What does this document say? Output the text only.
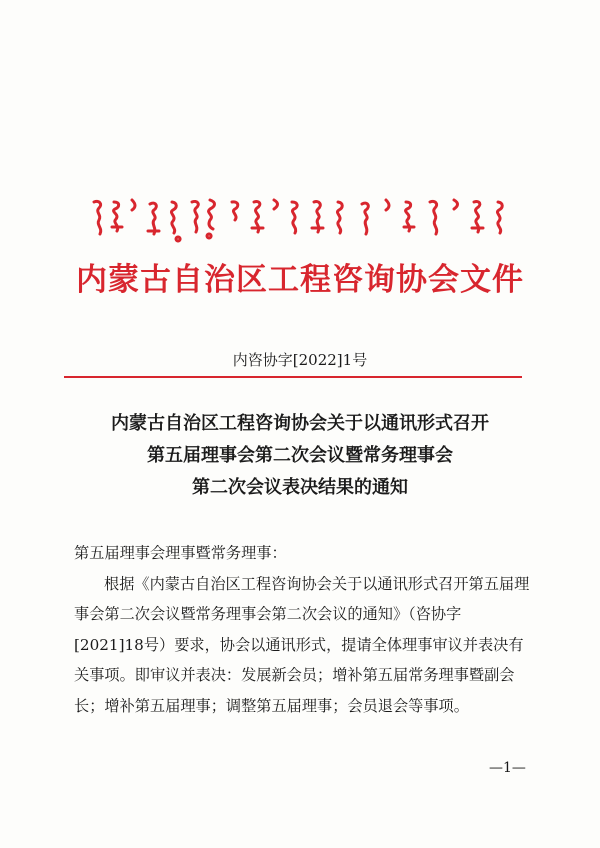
ᠥᠪᠦᠷ ᠮᠣᠩᠭᠣᠯ ᠤᠨ ᠥᠪᠡᠷᠲᠡᠭᠡᠨ ᠵᠠᠰᠠᠬᠤ ᠣᠷᠣᠨ ᠤ ᠢᠨᠵᠧᠨᠧᠷᠢᠩ ᠤᠨ ᠵᠥᠪᠯᠡᠭᠡᠨ ᠦ ᠨᠡᠢᠭᠡᠮᠯᠡᠯ ᠤᠨ ᠪᠢᠴᠢᠭ
内蒙古自治区工程咨询协会文件
内咨协字[2022]1号
内蒙古自治区工程咨询协会关于以通讯形式召开
第五届理事会第二次会议暨常务理事会
第二次会议表决结果的通知

第五届理事会理事暨常务理事：

根据《内蒙古自治区工程咨询协会关于以通讯形式召开第五届理事会第二次会议暨常务理事会第二次会议的通知》（咨协字[2021]18号）要求，协会以通讯形式，提请全体理事审议并表决有关事项。即审议并表决：发展新会员；增补第五届常务理事暨副会长；增补第五届理事；调整第五届理事；会员退会等事项。

—1—
